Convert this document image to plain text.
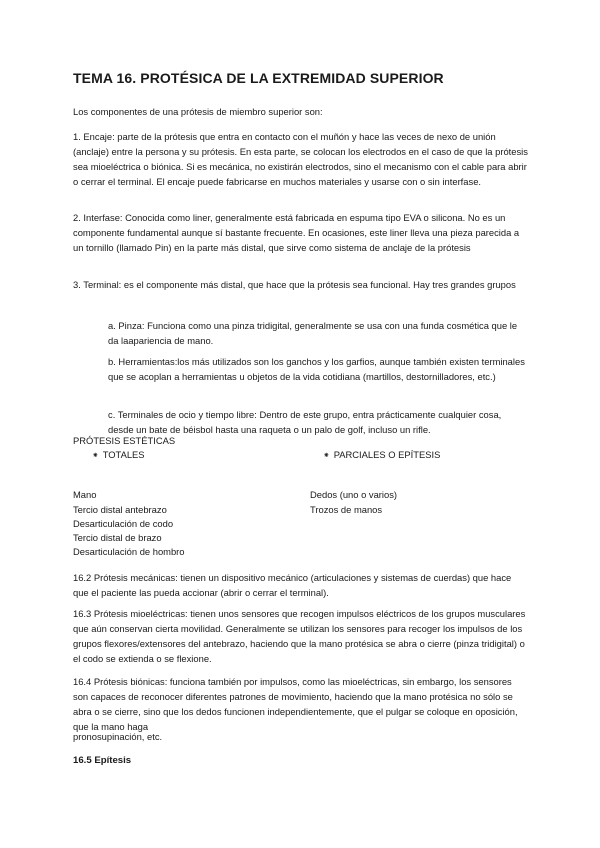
TEMA 16. PROTÉSICA DE LA EXTREMIDAD SUPERIOR
Los componentes de una prótesis de miembro superior son:
1. Encaje: parte de la prótesis que entra en contacto con el muñón y hace las veces de nexo de unión (anclaje) entre la persona y su prótesis. En esta parte, se colocan los electrodos en el caso de que la prótesis sea mioeléctrica o biónica. Si es mecánica, no existirán electrodos, sino el mecanismo con el cable para abrir o cerrar el terminal. El encaje puede fabricarse en muchos materiales y usarse con o sin interfase.
2. Interfase: Conocida como liner, generalmente está fabricada en espuma tipo EVA o silicona. No es un componente fundamental aunque sí bastante frecuente. En ocasiones, este liner lleva una pieza parecida a un tornillo (llamado Pin) en la parte más distal, que sirve como sistema de anclaje de la prótesis
3. Terminal: es el componente más distal, que hace que la prótesis sea funcional. Hay tres grandes grupos
a. Pinza: Funciona como una pinza tridigital, generalmente se usa con una funda cosmética que le da laapariencia de mano.
b. Herramientas:los más utilizados son los ganchos y los garfios, aunque también existen terminales que se acoplan a herramientas u objetos de la vida cotidiana (martillos, destornilladores, etc.)
c. Terminales de ocio y tiempo libre: Dentro de este grupo, entra prácticamente cualquier cosa, desde un bate de béisbol hasta una raqueta o un palo de golf, incluso un rifle.
PRÓTESIS ESTÉTICAS
⁕ TOTALES	⁕ PARCIALES O EPÍTESIS
Mano
Tercio distal antebrazo
Desarticulación de codo
Tercio distal de brazo
Desarticulación de hombro
Dedos (uno o varios)
Trozos de manos
16.2 Prótesis mecánicas: tienen un dispositivo mecánico (articulaciones y sistemas de cuerdas) que hace que el paciente las pueda accionar (abrir o cerrar el terminal).
16.3 Prótesis mioeléctricas: tienen unos sensores que recogen impulsos eléctricos de los grupos musculares que aún conservan cierta movilidad. Generalmente se utilizan los sensores para recoger los impulsos de los grupos flexores/extensores del antebrazo, haciendo que la mano protésica se abra o cierre (pinza tridigital) o el codo se extienda o se flexione.
16.4 Prótesis biónicas: funciona también por impulsos, como las mioeléctricas, sin embargo, los sensores son capaces de reconocer diferentes patrones de movimiento, haciendo que la mano protésica no sólo se abra o se cierre, sino que los dedos funcionen independientemente, que el pulgar se coloque en oposición, que la mano haga
pronosupinación, etc.
16.5 Epítesis
